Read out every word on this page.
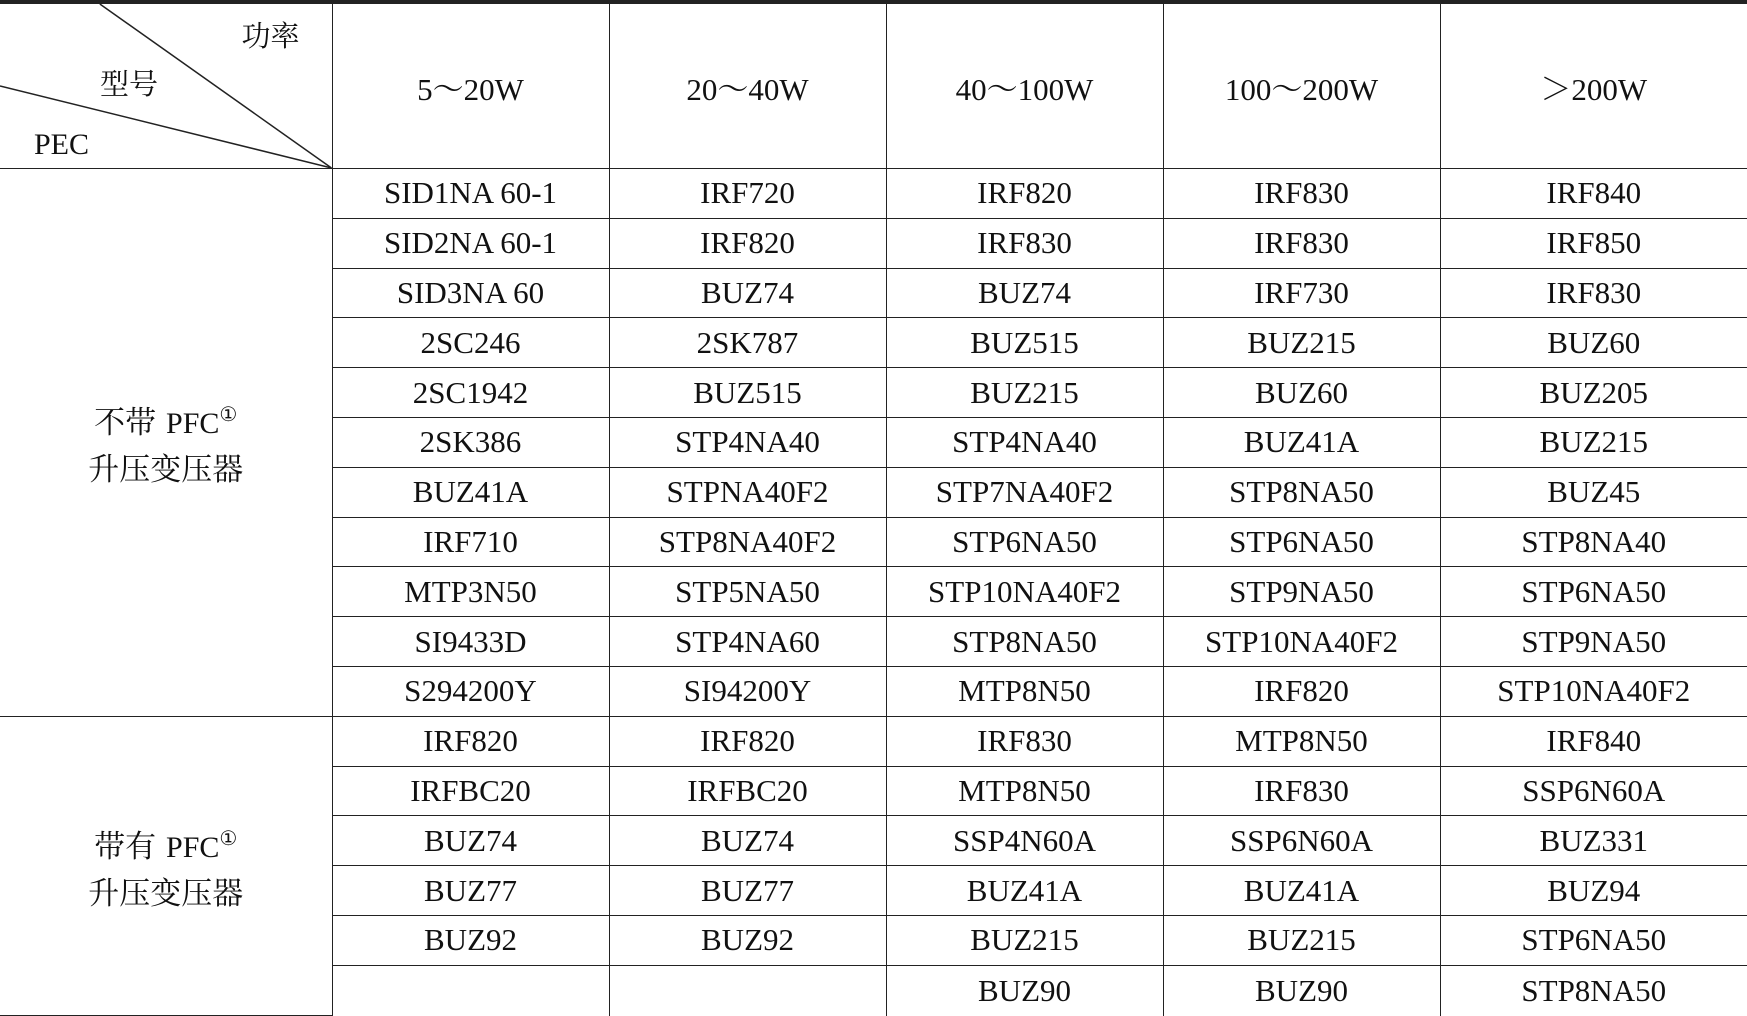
功率
型号
PEC	5～20W	20～40W	40～100W	100～200W	＞200W
不带 PFC①
升压变压器	SID1NA 60-1	IRF720	IRF820	IRF830	IRF840
	SID2NA 60-1	IRF820	IRF830	IRF830	IRF850
	SID3NA 60	BUZ74	BUZ74	IRF730	IRF830
	2SC246	2SK787	BUZ515	BUZ215	BUZ60
	2SC1942	BUZ515	BUZ215	BUZ60	BUZ205
	2SK386	STP4NA40	STP4NA40	BUZ41A	BUZ215
	BUZ41A	STPNA40F2	STP7NA40F2	STP8NA50	BUZ45
	IRF710	STP8NA40F2	STP6NA50	STP6NA50	STP8NA40
	MTP3N50	STP5NA50	STP10NA40F2	STP9NA50	STP6NA50
	SI9433D	STP4NA60	STP8NA50	STP10NA40F2	STP9NA50
	S294200Y	SI94200Y	MTP8N50	IRF820	STP10NA40F2
带有 PFC①
升压变压器	IRF820	IRF820	IRF830	MTP8N50	IRF840
	IRFBC20	IRFBC20	MTP8N50	IRF830	SSP6N60A
	BUZ74	BUZ74	SSP4N60A	SSP6N60A	BUZ331
	BUZ77	BUZ77	BUZ41A	BUZ41A	BUZ94
	BUZ92	BUZ92	BUZ215	BUZ215	STP6NA50
			BUZ90	BUZ90	STP8NA50
